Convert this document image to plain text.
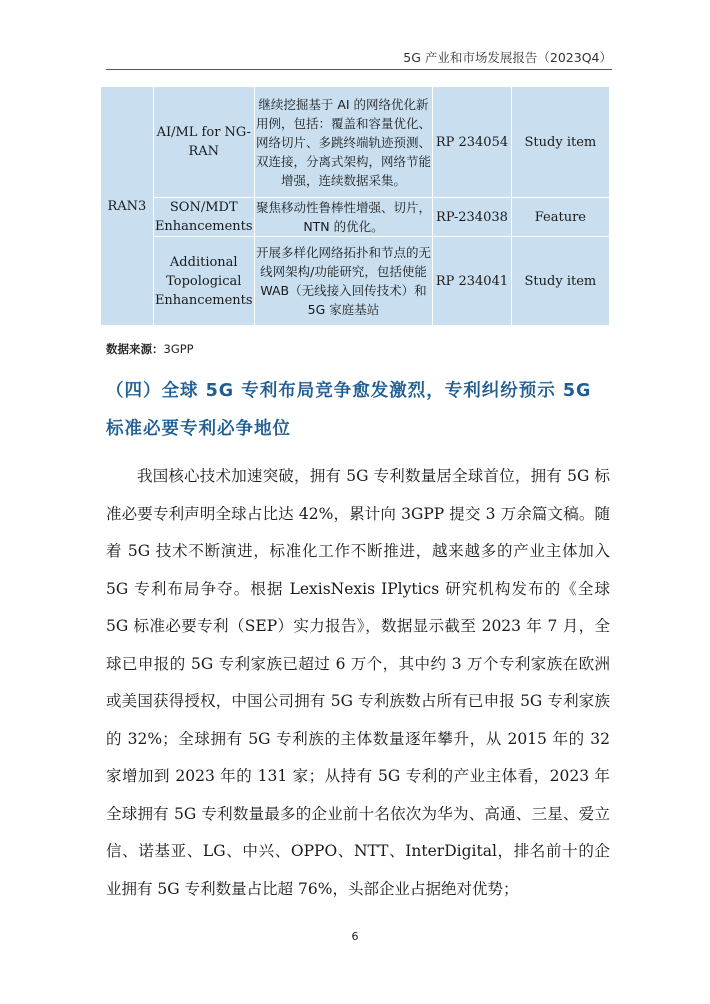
5G 产业和市场发展报告（2023Q4）
RAN3	AI/ML for NG-RAN	继续挖掘基于 AI 的网络优化新用例，包括：覆盖和容量优化、网络切片、多跳终端轨迹预测、双连接，分离式架构，网络节能增强，连续数据采集。	RP 234054	Study item
	SON/MDT Enhancements	聚焦移动性鲁棒性增强、切片，NTN 的优化。	RP-234038	Feature
	Additional Topological Enhancements	开展多样化网络拓扑和节点的无线网架构/功能研究，包括使能 WAB（无线接入回传技术）和 5G 家庭基站	RP 234041	Study item
数据来源：3GPP
（四）全球 5G 专利布局竞争愈发激烈，专利纠纷预示 5G 标准必要专利必争地位

我国核心技术加速突破，拥有 5G 专利数量居全球首位，拥有 5G 标准必要专利声明全球占比达 42%，累计向 3GPP 提交 3 万余篇文稿。随着 5G 技术不断演进，标准化工作不断推进，越来越多的产业主体加入 5G 专利布局争夺。根据 LexisNexis IPlytics 研究机构发布的《全球 5G 标准必要专利（SEP）实力报告》，数据显示截至 2023 年 7 月，全球已申报的 5G 专利家族已超过 6 万个，其中约 3 万个专利家族在欧洲或美国获得授权，中国公司拥有 5G 专利族数占所有已申报 5G 专利家族的 32%；全球拥有 5G 专利族的主体数量逐年攀升，从 2015 年的 32 家增加到 2023 年的 131 家；从持有 5G 专利的产业主体看，2023 年全球拥有 5G 专利数量最多的企业前十名依次为华为、高通、三星、爱立信、诺基亚、LG、中兴、OPPO、NTT、InterDigital，排名前十的企业拥有 5G 专利数量占比超 76%，头部企业占据绝对优势；

6
